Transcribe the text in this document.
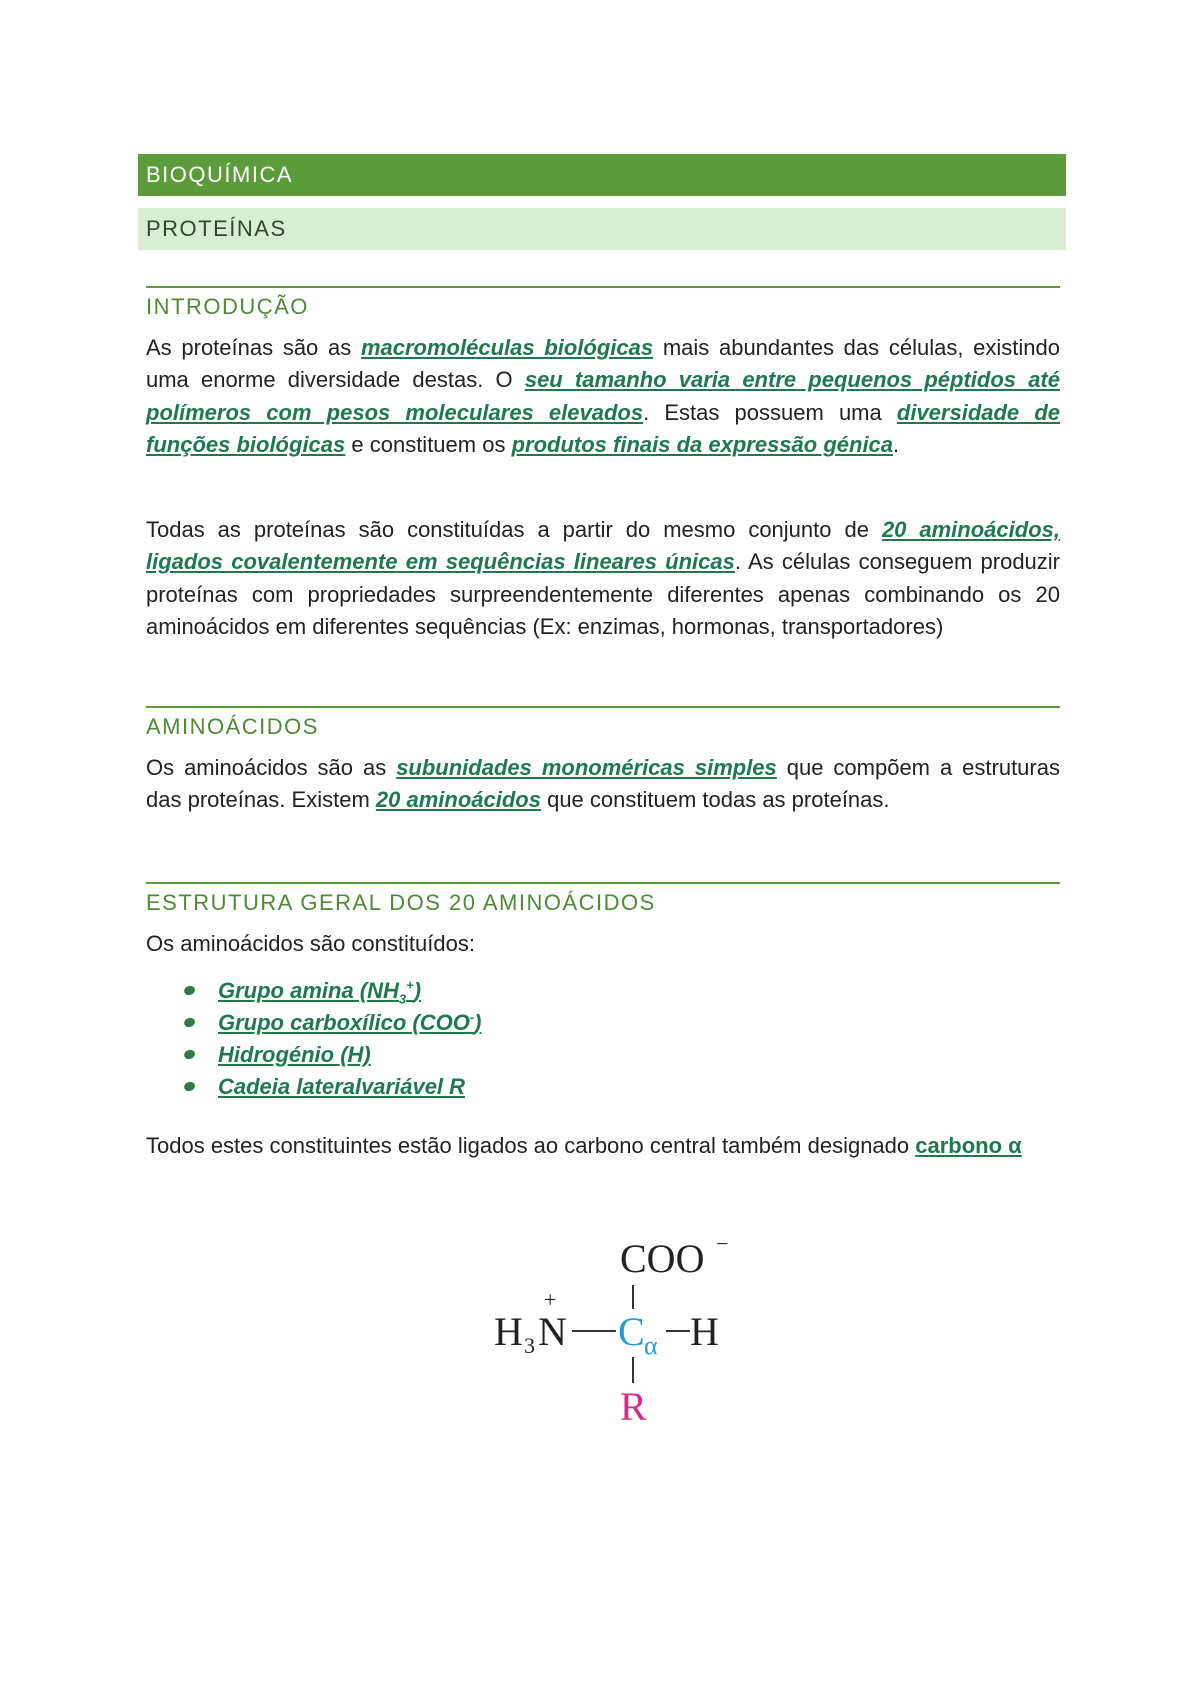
BIOQUÍMICA
PROTEÍNAS
INTRODUÇÃO

As proteínas são as macromoléculas biológicas mais abundantes das células, existindo uma enorme diversidade destas. O seu tamanho varia entre pequenos péptidos até polímeros com pesos moleculares elevados. Estas possuem uma diversidade de funções biológicas e constituem os produtos finais da expressão génica.

Todas as proteínas são constituídas a partir do mesmo conjunto de 20 aminoácidos, ligados covalentemente em sequências lineares únicas. As células conseguem produzir proteínas com propriedades surpreendentemente diferentes apenas combinando os 20 aminoácidos em diferentes sequências (Ex: enzimas, hormonas, transportadores)

AMINOÁCIDOS

Os aminoácidos são as subunidades monoméricas simples que compõem a estruturas das proteínas. Existem 20 aminoácidos que constituem todas as proteínas.

ESTRUTURA GERAL DOS 20 AMINOÁCIDOS

Os aminoácidos são constituídos:

Grupo amina $(NH_3^+)$
Grupo carboxílico (COO-)
Hidrogénio (H)
Cadeia lateralvariável R

Todos estes constituintes estão ligados ao carbono central também designado carbono α

COO −
H 3 N
+
C α H
R
